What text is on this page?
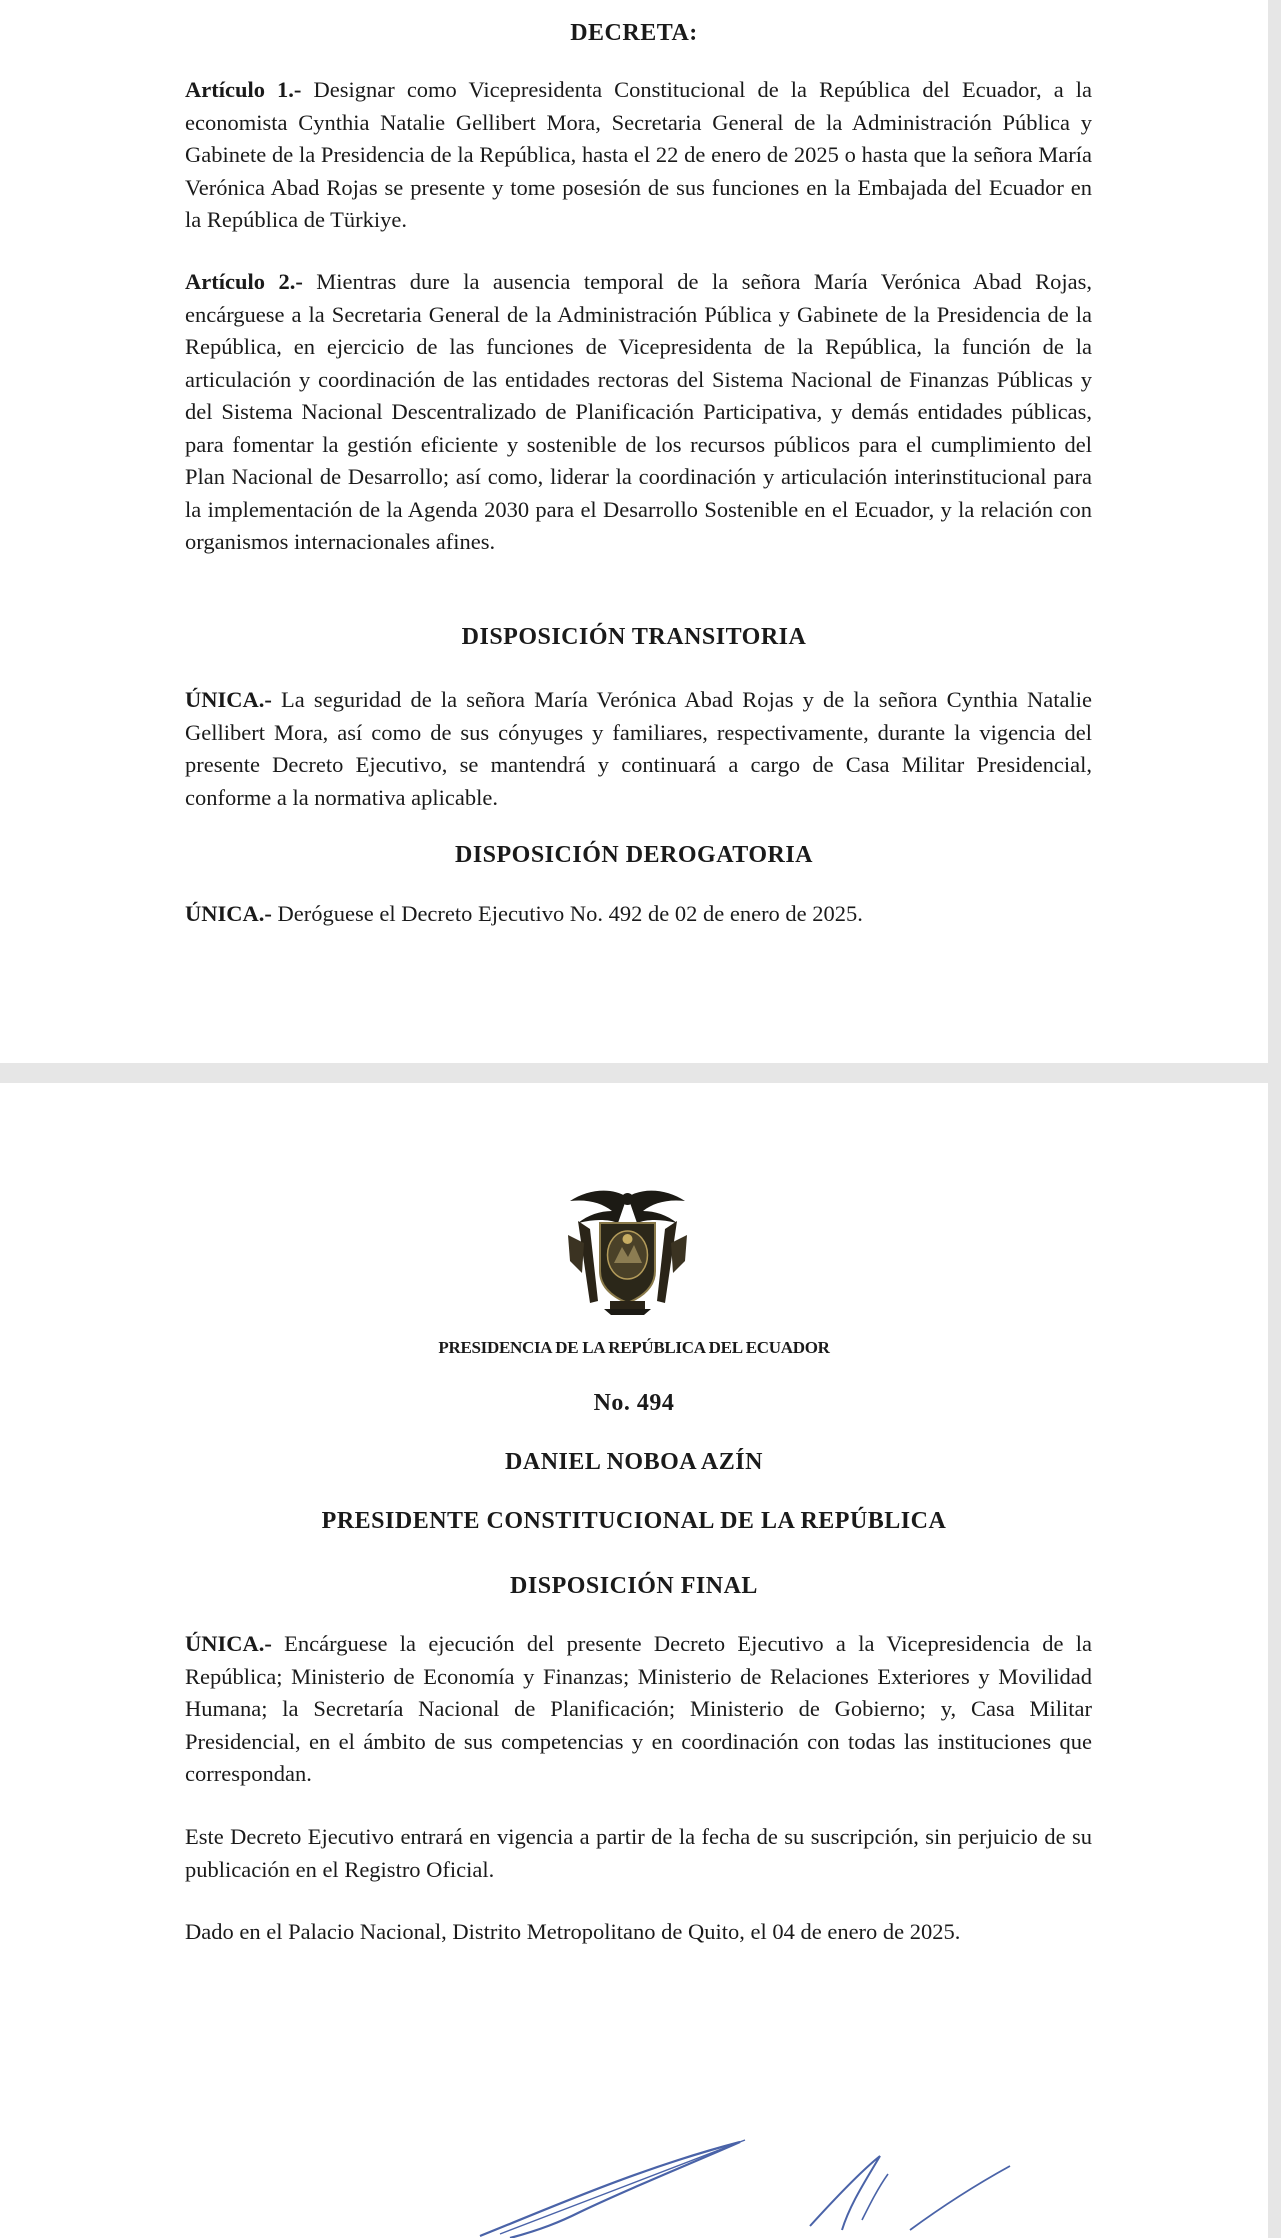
DECRETA:
Artículo 1.- Designar como Vicepresidenta Constitucional de la República del Ecuador, a la economista Cynthia Natalie Gellibert Mora, Secretaria General de la Administración Pública y Gabinete de la Presidencia de la República, hasta el 22 de enero de 2025 o hasta que la señora María Verónica Abad Rojas se presente y tome posesión de sus funciones en la Embajada del Ecuador en la República de Türkiye.
Artículo 2.- Mientras dure la ausencia temporal de la señora María Verónica Abad Rojas, encárguese a la Secretaria General de la Administración Pública y Gabinete de la Presidencia de la República, en ejercicio de las funciones de Vicepresidenta de la República, la función de la articulación y coordinación de las entidades rectoras del Sistema Nacional de Finanzas Públicas y del Sistema Nacional Descentralizado de Planificación Participativa, y demás entidades públicas, para fomentar la gestión eficiente y sostenible de los recursos públicos para el cumplimiento del Plan Nacional de Desarrollo; así como, liderar la coordinación y articulación interinstitucional para la implementación de la Agenda 2030 para el Desarrollo Sostenible en el Ecuador, y la relación con organismos internacionales afines.
DISPOSICIÓN TRANSITORIA
ÚNICA.- La seguridad de la señora María Verónica Abad Rojas y de la señora Cynthia Natalie Gellibert Mora, así como de sus cónyuges y familiares, respectivamente, durante la vigencia del presente Decreto Ejecutivo, se mantendrá y continuará a cargo de Casa Militar Presidencial, conforme a la normativa aplicable.
DISPOSICIÓN DEROGATORIA
ÚNICA.- Deróguese el Decreto Ejecutivo No. 492 de 02 de enero de 2025.
PRESIDENCIA DE LA REPÚBLICA DEL ECUADOR
No. 494
DANIEL NOBOA AZÍN
PRESIDENTE CONSTITUCIONAL DE LA REPÚBLICA
DISPOSICIÓN FINAL
ÚNICA.- Encárguese la ejecución del presente Decreto Ejecutivo a la Vicepresidencia de la República; Ministerio de Economía y Finanzas; Ministerio de Relaciones Exteriores y Movilidad Humana; la Secretaría Nacional de Planificación; Ministerio de Gobierno; y, Casa Militar Presidencial, en el ámbito de sus competencias y en coordinación con todas las instituciones que correspondan.
Este Decreto Ejecutivo entrará en vigencia a partir de la fecha de su suscripción, sin perjuicio de su publicación en el Registro Oficial.
Dado en el Palacio Nacional, Distrito Metropolitano de Quito, el 04 de enero de 2025.
